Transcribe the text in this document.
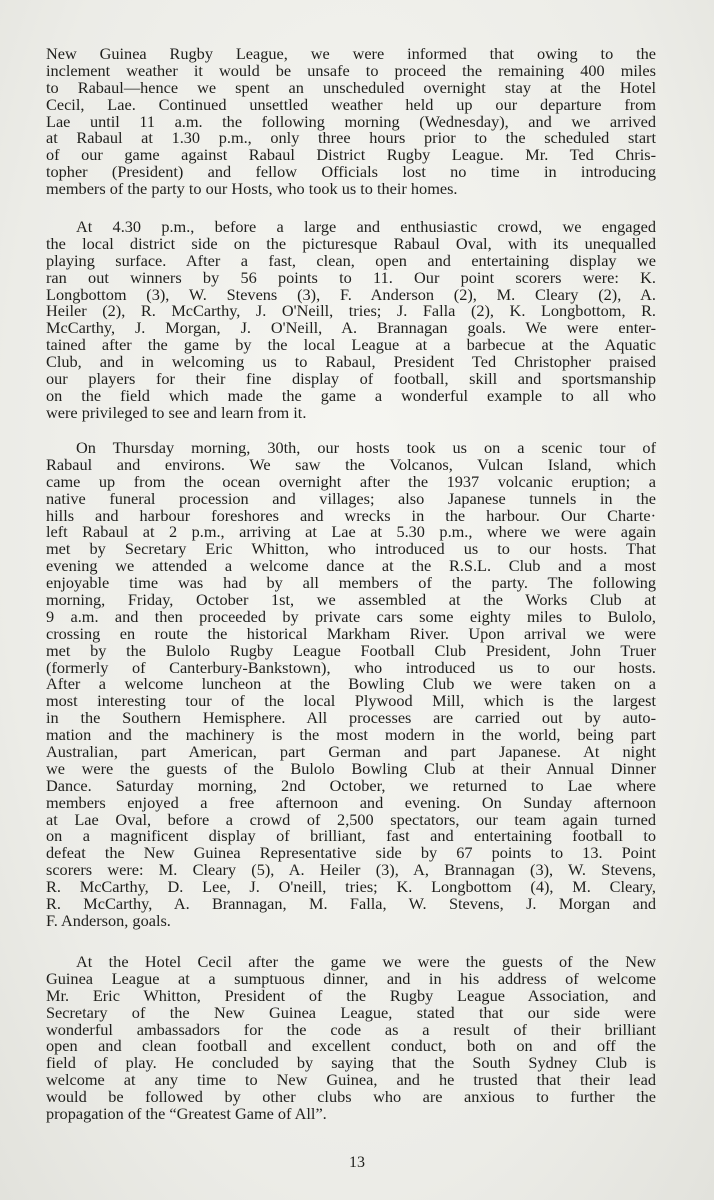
New Guinea Rugby League, we were informed that owing to the
inclement weather it would be unsafe to proceed the remaining 400 miles
to Rabaul—hence we spent an unscheduled overnight stay at the Hotel
Cecil, Lae. Continued unsettled weather held up our departure from
Lae until 11 a.m. the following morning (Wednesday), and we arrived
at Rabaul at 1.30 p.m., only three hours prior to the scheduled start
of our game against Rabaul District Rugby League. Mr. Ted Chris-
topher (President) and fellow Officials lost no time in introducing
members of the party to our Hosts, who took us to their homes.
At 4.30 p.m., before a large and enthusiastic crowd, we engaged
the local district side on the picturesque Rabaul Oval, with its unequalled
playing surface. After a fast, clean, open and entertaining display we
ran out winners by 56 points to 11. Our point scorers were: K.
Longbottom (3), W. Stevens (3), F. Anderson (2), M. Cleary (2), A.
Heiler (2), R. McCarthy, J. O'Neill, tries; J. Falla (2), K. Longbottom, R.
McCarthy, J. Morgan, J. O'Neill, A. Brannagan goals. We were enter-
tained after the game by the local League at a barbecue at the Aquatic
Club, and in welcoming us to Rabaul, President Ted Christopher praised
our players for their fine display of football, skill and sportsmanship
on the field which made the game a wonderful example to all who
were privileged to see and learn from it.
On Thursday morning, 30th, our hosts took us on a scenic tour of
Rabaul and environs. We saw the Volcanos, Vulcan Island, which
came up from the ocean overnight after the 1937 volcanic eruption; a
native funeral procession and villages; also Japanese tunnels in the
hills and harbour foreshores and wrecks in the harbour. Our Charte·
left Rabaul at 2 p.m., arriving at Lae at 5.30 p.m., where we were again
met by Secretary Eric Whitton, who introduced us to our hosts. That
evening we attended a welcome dance at the R.S.L. Club and a most
enjoyable time was had by all members of the party. The following
morning, Friday, October 1st, we assembled at the Works Club at
9 a.m. and then proceeded by private cars some eighty miles to Bulolo,
crossing en route the historical Markham River. Upon arrival we were
met by the Bulolo Rugby League Football Club President, John Truer
(formerly of Canterbury-Bankstown), who introduced us to our hosts.
After a welcome luncheon at the Bowling Club we were taken on a
most interesting tour of the local Plywood Mill, which is the largest
in the Southern Hemisphere. All processes are carried out by auto-
mation and the machinery is the most modern in the world, being part
Australian, part American, part German and part Japanese. At night
we were the guests of the Bulolo Bowling Club at their Annual Dinner
Dance. Saturday morning, 2nd October, we returned to Lae where
members enjoyed a free afternoon and evening. On Sunday afternoon
at Lae Oval, before a crowd of 2,500 spectators, our team again turned
on a magnificent display of brilliant, fast and entertaining football to
defeat the New Guinea Representative side by 67 points to 13. Point
scorers were: M. Cleary (5), A. Heiler (3), A, Brannagan (3), W. Stevens,
R. McCarthy, D. Lee, J. O'neill, tries; K. Longbottom (4), M. Cleary,
R. McCarthy, A. Brannagan, M. Falla, W. Stevens, J. Morgan and
F. Anderson, goals.
At the Hotel Cecil after the game we were the guests of the New
Guinea League at a sumptuous dinner, and in his address of welcome
Mr. Eric Whitton, President of the Rugby League Association, and
Secretary of the New Guinea League, stated that our side were
wonderful ambassadors for the code as a result of their brilliant
open and clean football and excellent conduct, both on and off the
field of play. He concluded by saying that the South Sydney Club is
welcome at any time to New Guinea, and he trusted that their lead
would be followed by other clubs who are anxious to further the
propagation of the “Greatest Game of All”.
13
